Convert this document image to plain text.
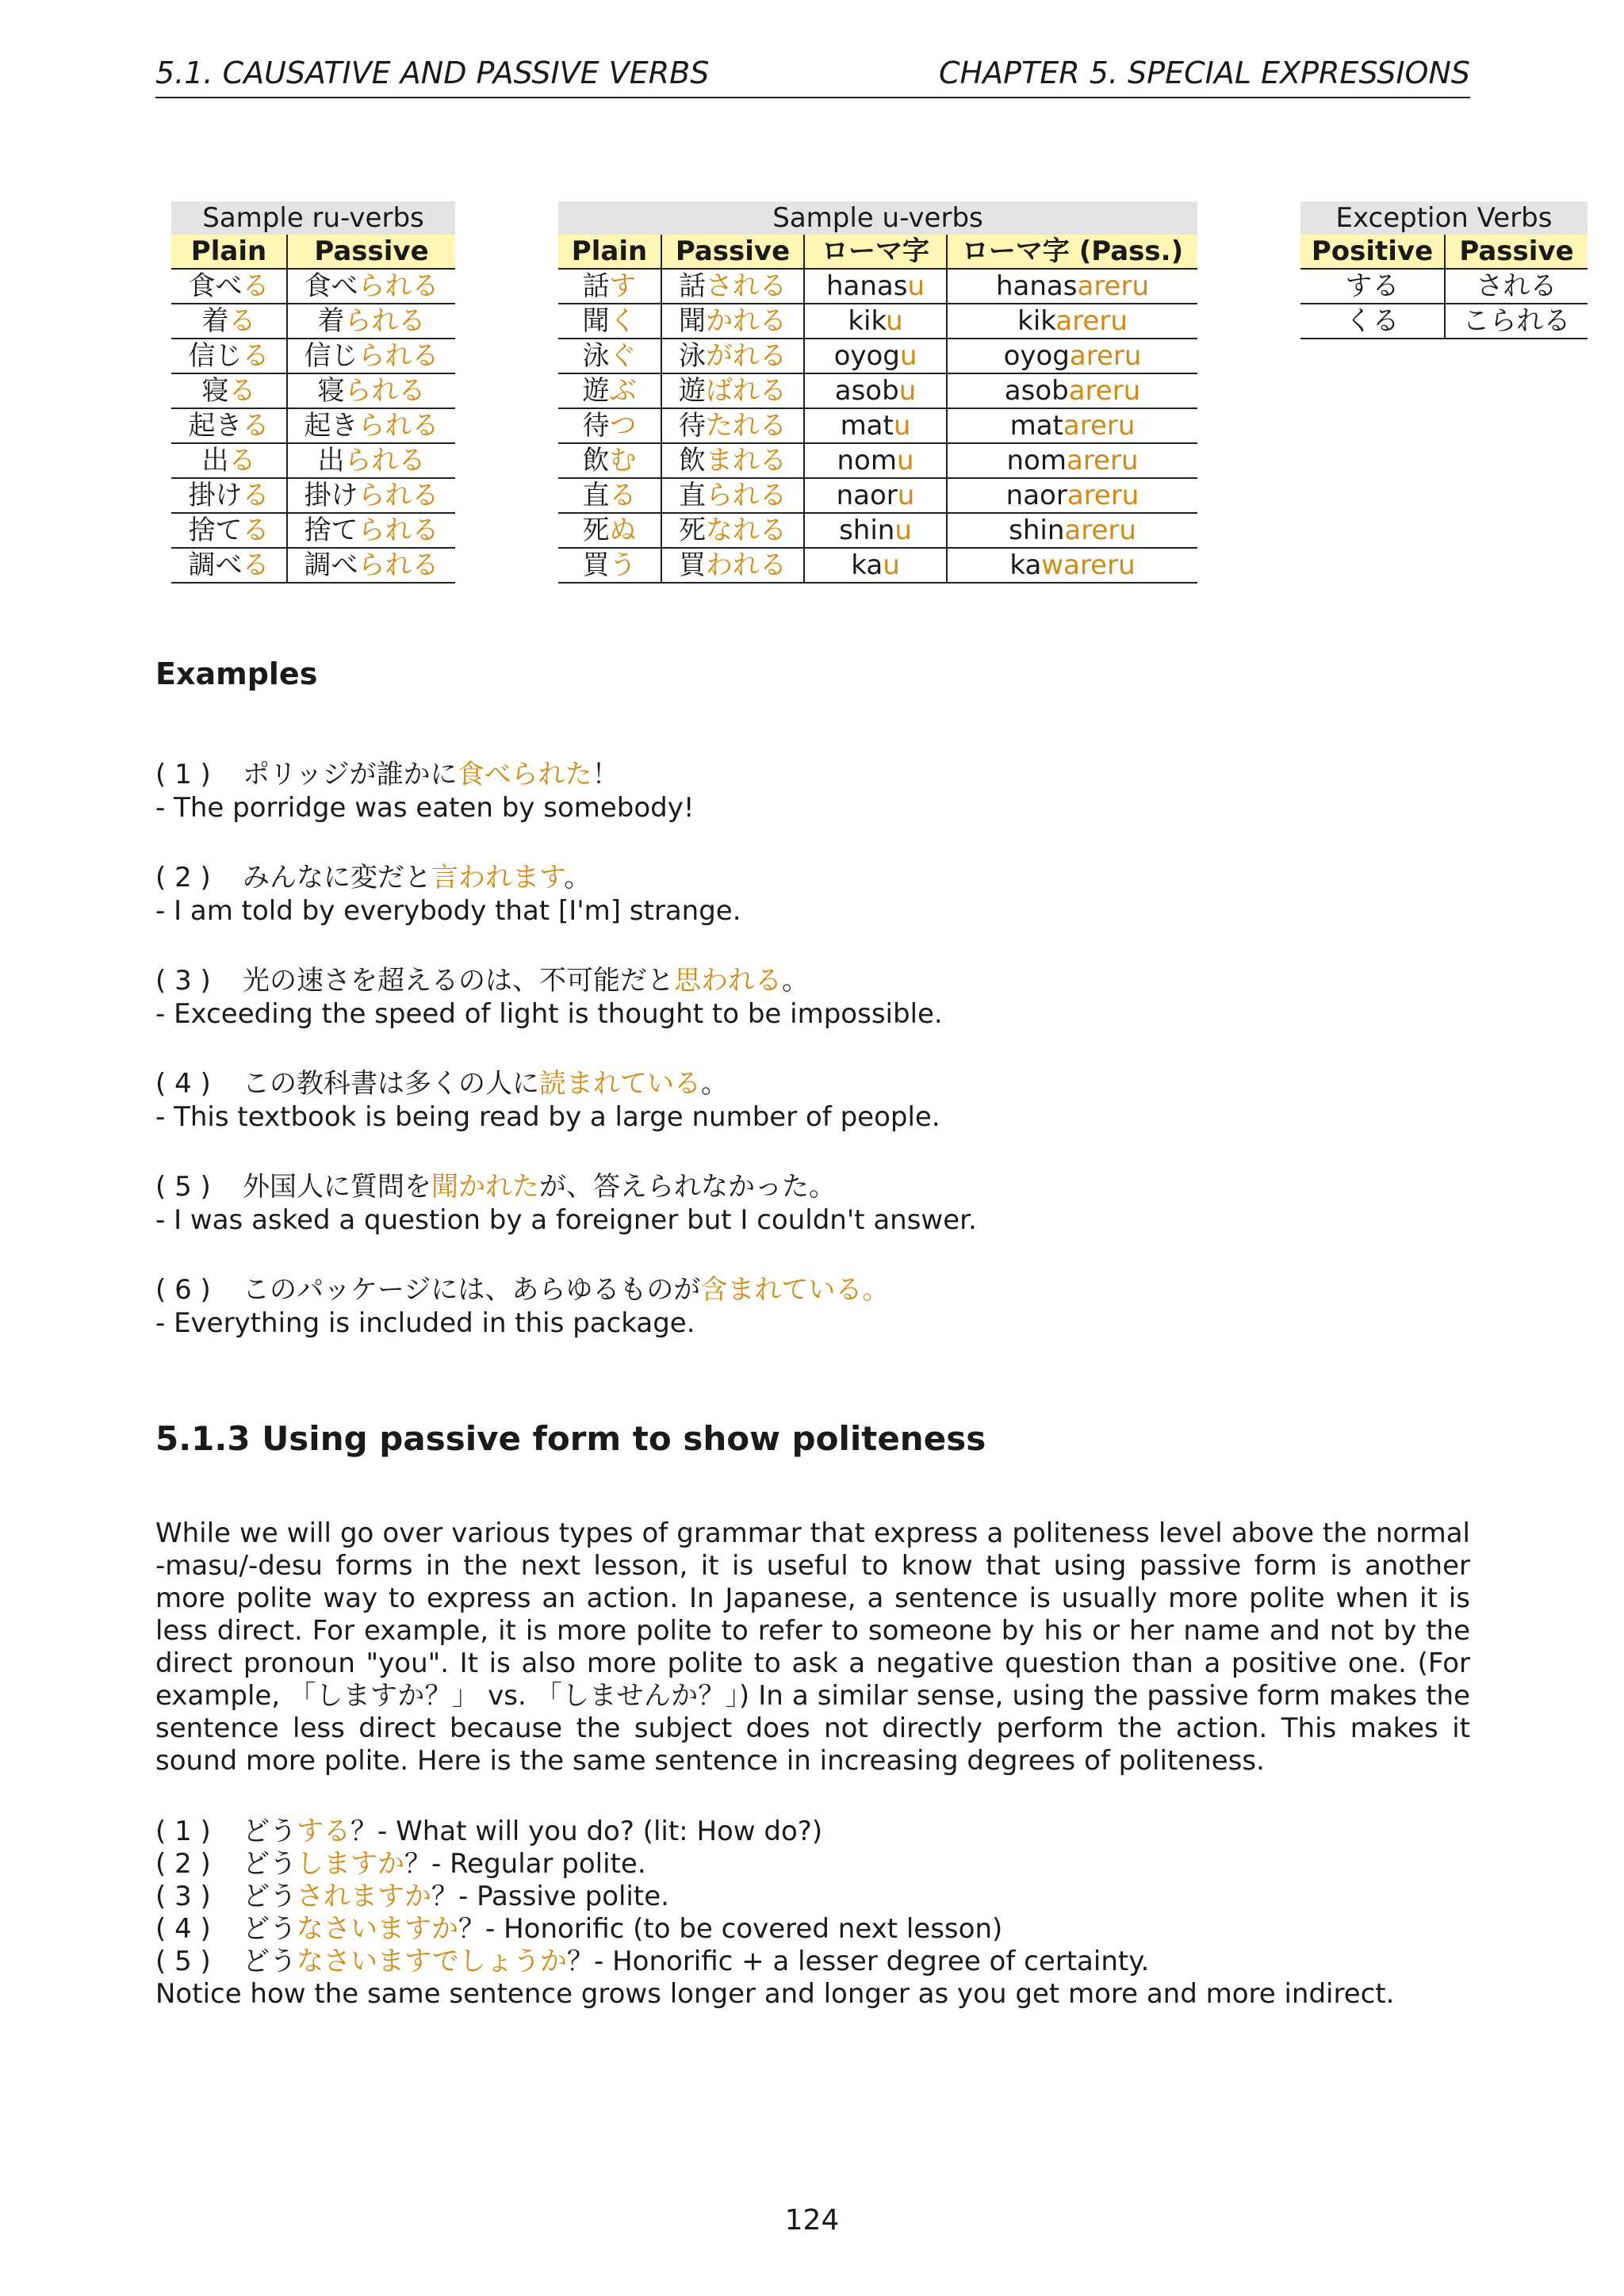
5.1. CAUSATIVE AND PASSIVE VERBS	CHAPTER 5. SPECIAL EXPRESSIONS
Sample ru-verbs	
Plain	Passive
食べる	食べられる
着る	着られる
信じる	信じられる
寝る	寝られる
起きる	起きられる
出る	出られる
掛ける	掛けられる
捨てる	捨てられる
調べる	調べられる
Sample u-verbs			
Plain	Passive	ローマ字	ローマ字 (Pass.)
話す	話される	hanasu	hanasareru
聞く	聞かれる	kiku	kikareru
泳ぐ	泳がれる	oyogu	oyogareru
遊ぶ	遊ばれる	asobu	asobareru
待つ	待たれる	matu	matareru
飲む	飲まれる	nomu	nomareru
直る	直られる	naoru	naorareru
死ぬ	死なれる	shinu	shinareru
買う	買われる	kau	kawareru
Exception Verbs	
Positive	Passive
する	される
くる	こられる
Examples
( 1 ) ポリッジが誰かに食べられた！
- The porridge was eaten by somebody!
( 2 ) みんなに変だと言われます。
- I am told by everybody that [I'm] strange.
( 3 ) 光の速さを超えるのは、不可能だと思われる。
- Exceeding the speed of light is thought to be impossible.
( 4 ) この教科書は多くの人に読まれている。
- This textbook is being read by a large number of people.
( 5 ) 外国人に質問を聞かれたが、答えられなかった。
- I was asked a question by a foreigner but I couldn't answer.
( 6 ) このパッケージには、あらゆるものが含まれている。
- Everything is included in this package.
5.1.3 Using passive form to show politeness

While we will go over various types of grammar that express a politeness level above the normal -masu/-desu forms in the next lesson, it is useful to know that using passive form is another more polite way to express an action. In Japanese, a sentence is usually more polite when it is less direct. For example, it is more polite to refer to someone by his or her name and not by the direct pronoun "you". It is also more polite to ask a negative question than a positive one. (For example, 「しますか？」 vs. 「しませんか？」) In a similar sense, using the passive form makes the sentence less direct because the subject does not directly perform the action. This makes it sound more polite. Here is the same sentence in increasing degrees of politeness.

( 1 ) どうする？- What will you do? (lit: How do?)
( 2 ) どうしますか？- Regular polite.
( 3 ) どうされますか？- Passive polite.
( 4 ) どうなさいますか？- Honorific (to be covered next lesson)
( 5 ) どうなさいますでしょうか？- Honorific + a lesser degree of certainty.
Notice how the same sentence grows longer and longer as you get more and more indirect.
124
